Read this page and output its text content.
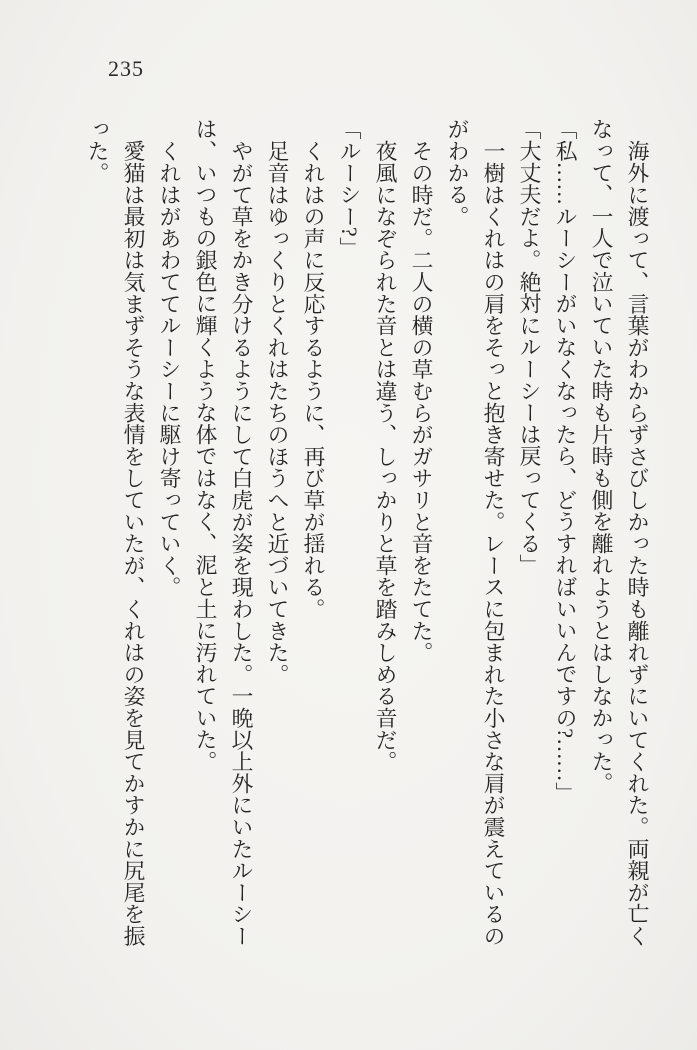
235

海外に渡って、言葉がわからずさびしかった時も離れずにいてくれた。両親が亡くなって、一人で泣いていた時も片時も側を離れようとはしなかった。

「私……ルーシーがいなくなったら、どうすればいいんですの?……」

「大丈夫だよ。絶対にルーシーは戻ってくる」

一樹はくれはの肩をそっと抱き寄せた。レースに包まれた小さな肩が震えているのがわかる。

その時だ。二人の横の草むらがガサリと音をたてた。

夜風になぞられた音とは違う、しっかりと草を踏みしめる音だ。

「ルーシー?」

くれはの声に反応するように、再び草が揺れる。

足音はゆっくりとくれはたちのほうへと近づいてきた。

やがて草をかき分けるようにして白虎が姿を現わした。一晩以上外にいたルーシーは、いつもの銀色に輝くような体ではなく、泥と土に汚れていた。

くれはがあわててルーシーに駆け寄っていく。

愛猫は最初は気まずそうな表情をしていたが、くれはの姿を見てかすかに尻尾を振った。
